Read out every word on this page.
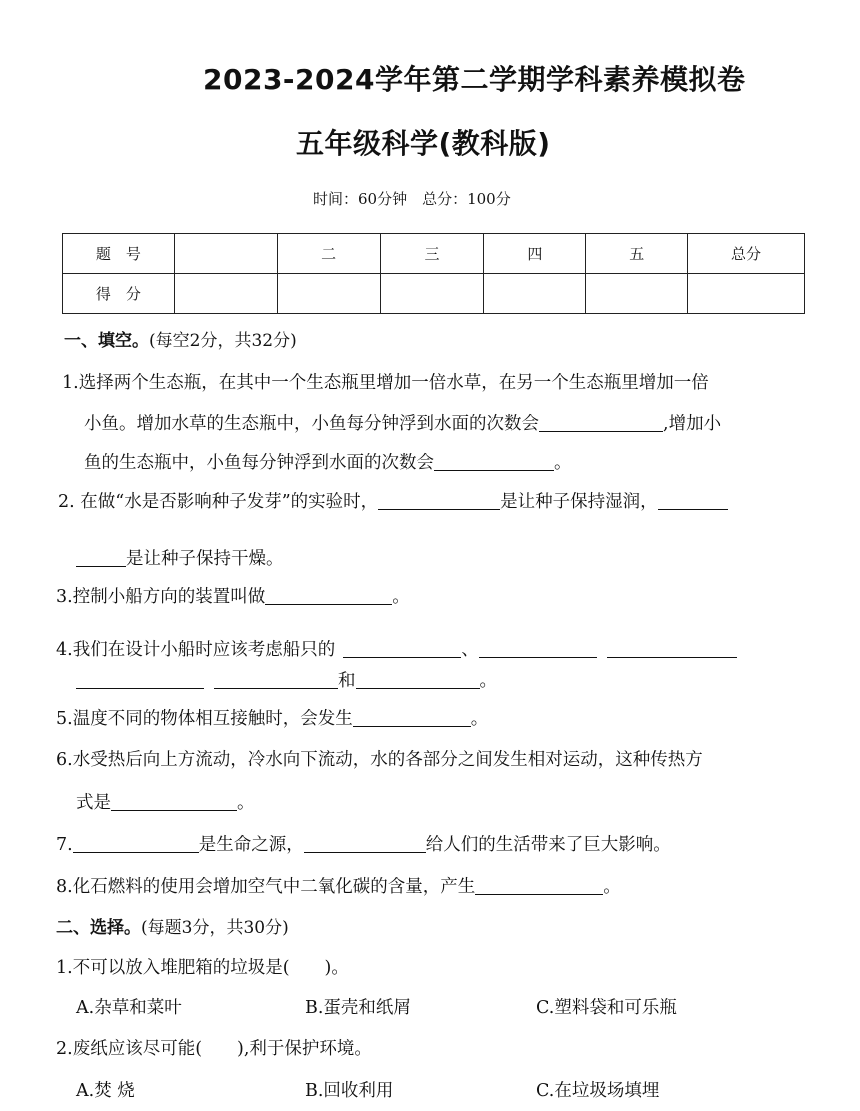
2023-2024学年第二学期学科素养模拟卷
五年级科学(教科版)
时间：60分钟　总分：100分
题　号		二	三	四	五	总分
得　分						
一、填空。(每空2分，共32分)
1.选择两个生态瓶，在其中一个生态瓶里增加一倍水草，在另一个生态瓶里增加一倍
小鱼。增加水草的生态瓶中，小鱼每分钟浮到水面的次数会	,增加小
鱼的生态瓶中，小鱼每分钟浮到水面的次数会	。
2. 在做“水是否影响种子发芽”的实验时，	是让种子保持湿润，
是让种子保持干燥。
3.控制小船方向的装置叫做	。
4.我们在设计小船时应该考虑船只的	、
和	。
5.温度不同的物体相互接触时，会发生	。
6.水受热后向上方流动，冷水向下流动，水的各部分之间发生相对运动，这种传热方
式是	。
7.	是生命之源，	给人们的生活带来了巨大影响。
8.化石燃料的使用会增加空气中二氧化碳的含量，产生	。
二、选择。(每题3分，共30分)
1.不可以放入堆肥箱的垃圾是(　　)。
A.杂草和菜叶	B.蛋壳和纸屑	C.塑料袋和可乐瓶
2.废纸应该尽可能(　　),利于保护环境。
A.焚 烧	B.回收利用	C.在垃圾场填埋
